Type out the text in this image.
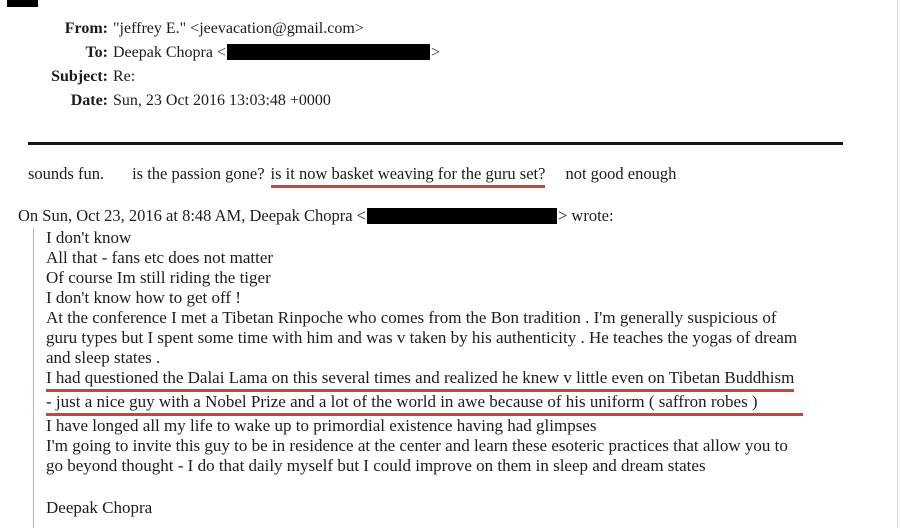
From: "jeffrey E." <jeevacation@gmail.com>
To: Deepak Chopra <	>
Subject: Re:
Date: Sun, 23 Oct 2016 13:03:48 +0000
sounds fun. is the passion gone? is it now basket weaving for the guru set? not good enough
On Sun, Oct 23, 2016 at 8:48 AM, Deepak Chopra <	> wrote:
I don't know
All that - fans etc does not matter
Of course Im still riding the tiger
I don't know how to get off !
At the conference I met a Tibetan Rinpoche who comes from the Bon tradition . I'm generally suspicious of
guru types but I spent some time with him and was v taken by his authenticity . He teaches the yogas of dream
and sleep states .
I had questioned the Dalai Lama on this several times and realized he knew v little even on Tibetan Buddhism
- just a nice guy with a Nobel Prize and a lot of the world in awe because of his uniform ( saffron robes )
I have longed all my life to wake up to primordial existence having had glimpses
I'm going to invite this guy to be in residence at the center and learn these esoteric practices that allow you to
go beyond thought - I do that daily myself but I could improve on them in sleep and dream states
Deepak Chopra
